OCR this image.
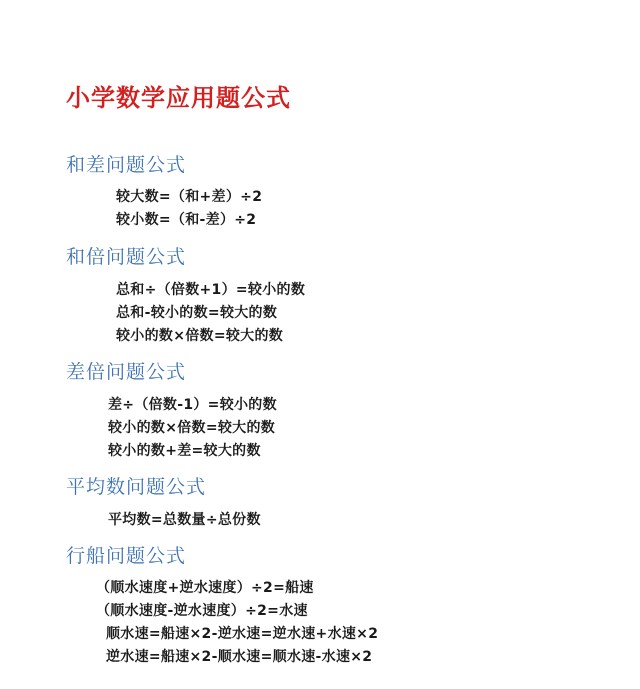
小学数学应用题公式
和差问题公式
较大数=（和+差）÷2
较小数=（和-差）÷2
和倍问题公式
总和÷（倍数+1）=较小的数
总和-较小的数=较大的数
较小的数×倍数=较大的数
差倍问题公式
差÷（倍数-1）=较小的数
较小的数×倍数=较大的数
较小的数+差=较大的数
平均数问题公式
平均数=总数量÷总份数
行船问题公式
（顺水速度+逆水速度）÷2=船速
（顺水速度-逆水速度）÷2=水速
顺水速=船速×2-逆水速=逆水速+水速×2
逆水速=船速×2-顺水速=顺水速-水速×2
